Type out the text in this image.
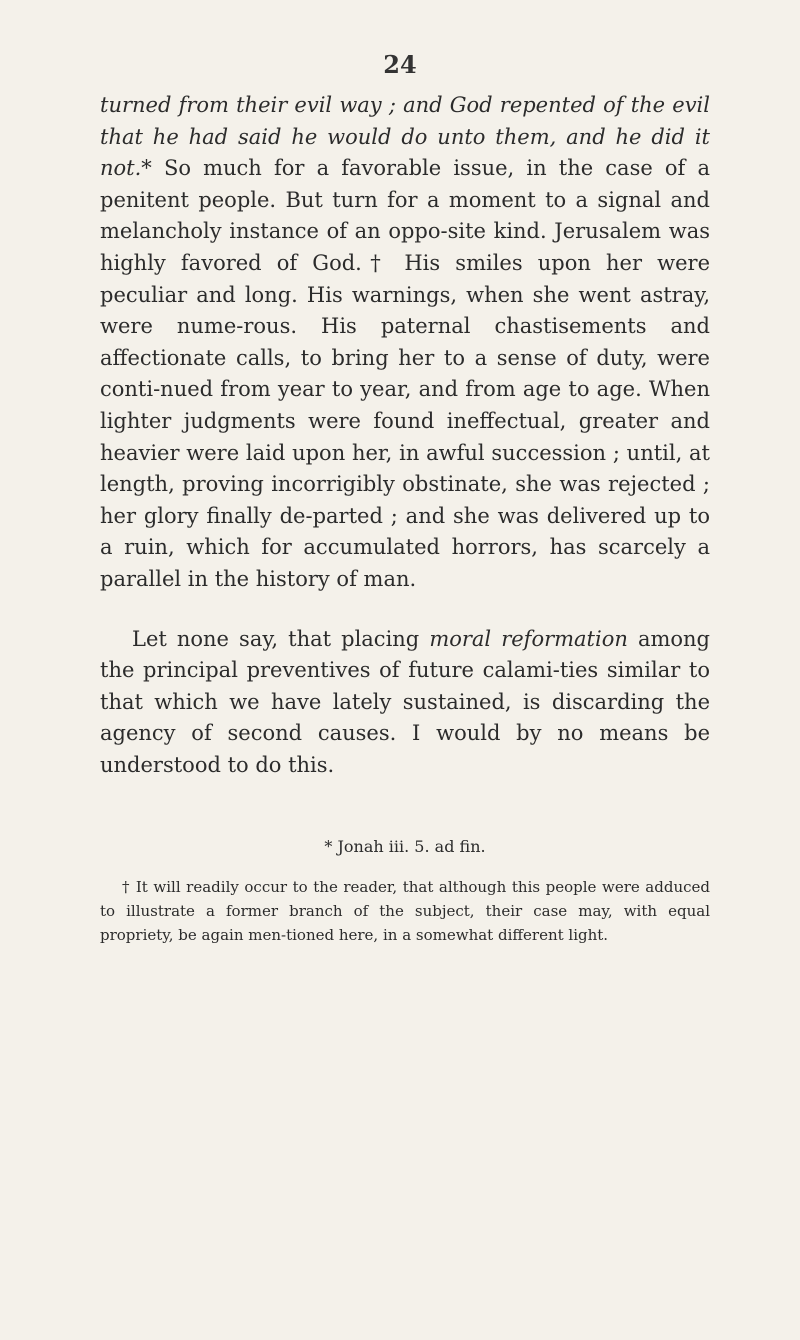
24

turned from their evil way ; and God repented of the evil that he had said he would do unto them, and he did it not.* So much for a favorable issue, in the case of a penitent people. But turn for a moment to a signal and melancholy instance of an oppo-site kind. Jerusalem was highly favored of God.† His smiles upon her were peculiar and long. His warnings, when she went astray, were nume-rous. His paternal chastisements and affectionate calls, to bring her to a sense of duty, were conti-nued from year to year, and from age to age. When lighter judgments were found ineffectual, greater and heavier were laid upon her, in awful succession ; until, at length, proving incorrigibly obstinate, she was rejected ; her glory finally de-parted ; and she was delivered up to a ruin, which for accumulated horrors, has scarcely a parallel in the history of man.

Let none say, that placing moral reformation among the principal preventives of future calami-ties similar to that which we have lately sustained, is discarding the agency of second causes. I would by no means be understood to do this.

* Jonah iii. 5. ad fin.
† It will readily occur to the reader, that although this people were adduced to illustrate a former branch of the subject, their case may, with equal propriety, be again men-tioned here, in a somewhat different light.
